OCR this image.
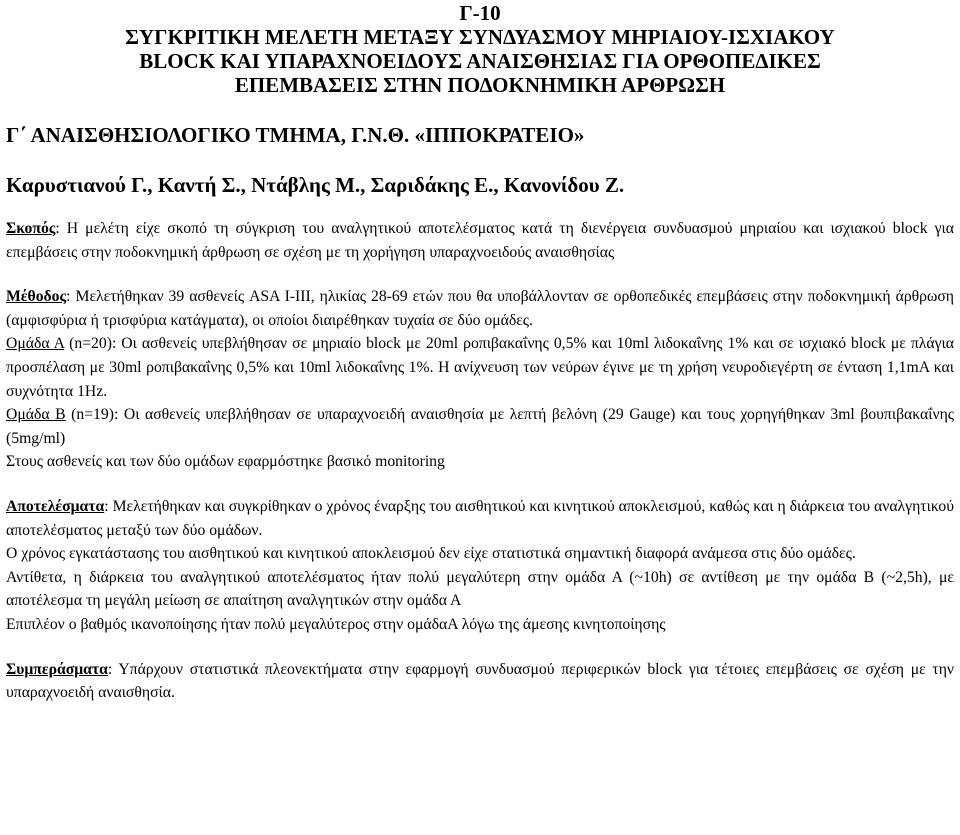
Γ-10

ΣΥΓΚΡΙΤΙΚΗ ΜΕΛΕΤΗ ΜΕΤΑΞΥ ΣΥΝΔΥΑΣΜΟΥ ΜΗΡΙΑΙΟΥ-ΙΣΧΙΑΚΟΥ

BLOCK ΚΑΙ ΥΠΑΡΑΧΝΟΕΙΔΟΥΣ ΑΝΑΙΣΘΗΣΙΑΣ ΓΙΑ ΟΡΘΟΠΕΔΙΚΕΣ

ΕΠΕΜΒΑΣΕΙΣ ΣΤΗΝ ΠΟΔΟΚΝΗΜΙΚΗ ΑΡΘΡΩΣΗ

Γ΄ ΑΝΑΙΣΘΗΣΙΟΛΟΓΙΚΟ ΤΜΗΜΑ, Γ.Ν.Θ. «ΙΠΠΟΚΡΑΤΕΙΟ»

Καρυστιανού Γ., Καντή Σ., Ντάβλης Μ., Σαριδάκης Ε., Κανονίδου Ζ.

Σκοπός: Η μελέτη είχε σκοπό τη σύγκριση του αναλγητικού αποτελέσματος κατά τη διενέργεια συνδυασμού μηριαίου και ισχιακού block για επεμβάσεις στην ποδοκνημική άρθρωση σε σχέση με τη χορήγηση υπαραχνοειδούς αναισθησίας

Μέθοδος: Μελετήθηκαν 39 ασθενείς ASA I-III, ηλικίας 28-69 ετών που θα υποβάλλονταν σε ορθοπεδικές επεμβάσεις στην ποδοκνημική άρθρωση (αμφισφύρια ή τρισφύρια κατάγματα), οι οποίοι διαιρέθηκαν τυχαία σε δύο ομάδες.

Ομάδα Α (n=20): Οι ασθενείς υπεβλήθησαν σε μηριαίο block με 20ml ροπιβακαΐνης 0,5% και 10ml λιδοκαΐνης 1% και σε ισχιακό block με πλάγια προσπέλαση με 30ml ροπιβακαΐνης 0,5% και 10ml λιδοκαΐνης 1%. Η ανίχνευση των νεύρων έγινε με τη χρήση νευροδιεγέρτη σε ένταση 1,1mA και συχνότητα 1Hz.

Ομάδα Β (n=19): Οι ασθενείς υπεβλήθησαν σε υπαραχνοειδή αναισθησία με λεπτή βελόνη (29 Gauge) και τους χορηγήθηκαν 3ml βουπιβακαΐνης (5mg/ml)

Στους ασθενείς και των δύο ομάδων εφαρμόστηκε βασικό monitoring

Αποτελέσματα: Μελετήθηκαν και συγκρίθηκαν ο χρόνος έναρξης του αισθητικού και κινητικού αποκλεισμού, καθώς και η διάρκεια του αναλγητικού αποτελέσματος μεταξύ των δύο ομάδων.

Ο χρόνος εγκατάστασης του αισθητικού και κινητικού αποκλεισμού δεν είχε στατιστικά σημαντική διαφορά ανάμεσα στις δύο ομάδες.

Αντίθετα, η διάρκεια του αναλγητικού αποτελέσματος ήταν πολύ μεγαλύτερη στην ομάδα Α (~10h) σε αντίθεση με την ομάδα Β (~2,5h), με αποτέλεσμα τη μεγάλη μείωση σε απαίτηση αναλγητικών στην ομάδα Α

Επιπλέον ο βαθμός ικανοποίησης ήταν πολύ μεγαλύτερος στην ομάδαΑ λόγω της άμεσης κινητοποίησης

Συμπεράσματα: Υπάρχουν στατιστικά πλεονεκτήματα στην εφαρμογή συνδυασμού περιφερικών block για τέτοιες επεμβάσεις σε σχέση με την υπαραχνοειδή αναισθησία.
